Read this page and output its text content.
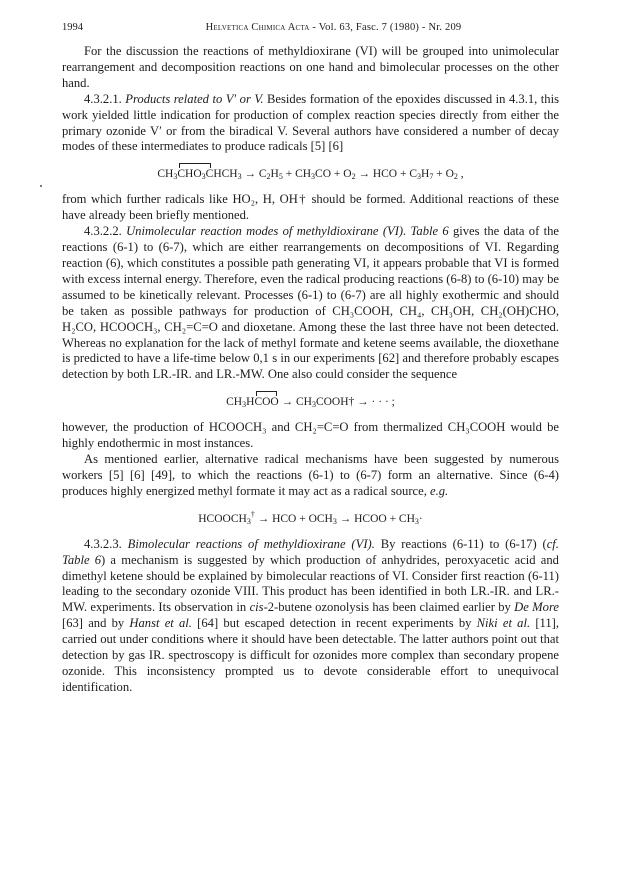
1994	Helvetica Chimica Acta - Vol. 63, Fasc. 7 (1980) - Nr. 209

For the discussion the reactions of methyldioxirane (VI) will be grouped into unimolecular rearrangement and decomposition reactions on one hand and bimolecular processes on the other hand.

4.3.2.1. Products related to V′ or V. Besides formation of the epoxides discussed in 4.3.1, this work yielded little indication for production of complex reaction species directly from either the primary ozonide V′ or from the biradical V. Several authors have considered a number of decay modes of these intermediates to produce radicals [5] [6]

$CH_3CHO_3CHCH_3 \to C_2H_5 + CH_3CO + O_2$ → HCO + $C_3H_7 + O_2$ ,

from which further radicals like HO₂, H, OH† should be formed. Additional reactions of these have already been briefly mentioned.

4.3.2.2. Unimolecular reaction modes of methyldioxirane (VI). Table 6 gives the data of the reactions (6-1) to (6-7), which are either rearrangements on decompositions of VI. Regarding reaction (6), which constitutes a possible path generating VI, it appears probable that VI is formed with excess internal energy. Therefore, even the radical producing reactions (6-8) to (6-10) may be assumed to be kinetically relevant. Processes (6-1) to (6-7) are all highly exothermic and should be taken as possible pathways for production of CH₃COOH, CH₄, CH₃OH, CH₂(OH)CHO, H₂CO, HCOOCH₃, CH₂=C=O and dioxetane. Among these the last three have not been detected. Whereas no explanation for the lack of methyl formate and ketene seems available, the dioxethane is predicted to have a life-time below 0,1 s in our experiments [62] and therefore probably escapes detection by both LR.-IR. and LR.-MW. One also could consider the sequence

$CH_3HCOO$ → $CH_3COOH\dagger$ → · · · ;

however, the production of HCOOCH₃ and CH₂=C=O from thermalized CH₃COOH would be highly endothermic in most instances.

As mentioned earlier, alternative radical mechanisms have been suggested by numerous workers [5] [6] [49], to which the reactions (6-1) to (6-7) form an alternative. Since (6-4) produces highly energized methyl formate it may act as a radical source, e.g.

$HCOOCH_3^\dagger$ → HCO + $OCH_3$ → HCOO + $CH_3\cdot$

4.3.2.3. Bimolecular reactions of methyldioxirane (VI). By reactions (6-11) to (6-17) (cf. Table 6) a mechanism is suggested by which production of anhydrides, peroxyacetic acid and dimethyl ketene should be explained by bimolecular reactions of VI. Consider first reaction (6-11) leading to the secondary ozonide VIII. This product has been identified in both LR.-IR. and LR.-MW. experiments. Its observation in cis-2-butene ozonolysis has been claimed earlier by De More [63] and by Hanst et al. [64] but escaped detection in recent experiments by Niki et al. [11], carried out under conditions where it should have been detectable. The latter authors point out that detection by gas IR. spectroscopy is difficult for ozonides more complex than secondary propene ozonide. This inconsistency prompted us to devote considerable effort to unequivocal identification.
